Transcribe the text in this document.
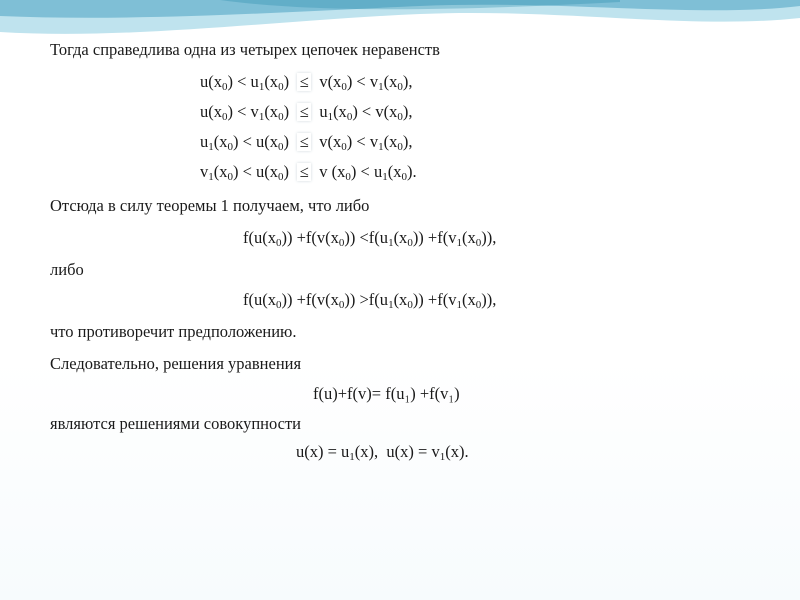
Тогда справедлива одна из четырех цепочек неравенств
$u(x_0) < u_1(x_0) \le v(x_0) < v_1(x_0)$,
$u(x_0) < v_1(x_0) \le u_1(x_0) < v(x_0)$,
$u_1(x_0) < u(x_0) \le v(x_0) < v_1(x_0)$,
$v_1(x_0) < u(x_0) \le v$ $(x_0) < u_1(x_0)$.
Отсюда в силу теоремы 1 получаем, что либо
$f(u(x_0)) +f(v(x_0)) <f(u_1(x_0)) +f(v_1(x_0))$,
либо
$f(u(x_0)) +f(v(x_0)) >f(u_1(x_0)) +f(v_1(x_0))$,
что противоречит предположению.
Следовательно, решения уравнения
f(u)+f(v)= f(u₁) +f(v₁)
являются решениями совокупности
$u(x) = u_1(x)$,  $u(x) = v_1(x)$.
